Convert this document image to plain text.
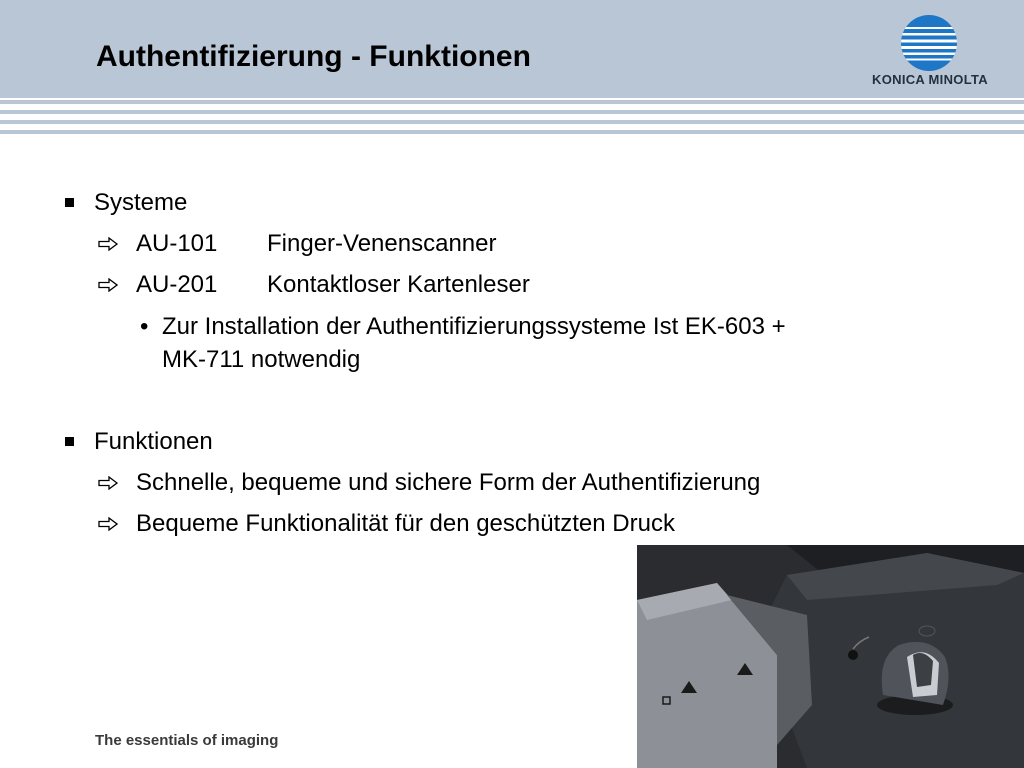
Authentifizierung - Funktionen
KONICA MINOLTA
Systeme
AU-101 Finger-Venenscanner
AU-201 Kontaktloser Kartenleser
• Zur Installation der Authentifizierungssysteme Ist EK-603 +
MK-711 notwendig
Funktionen
Schnelle, bequeme und sichere Form der Authentifizierung
Bequeme Funktionalität für den geschützten Druck
The essentials of imaging
